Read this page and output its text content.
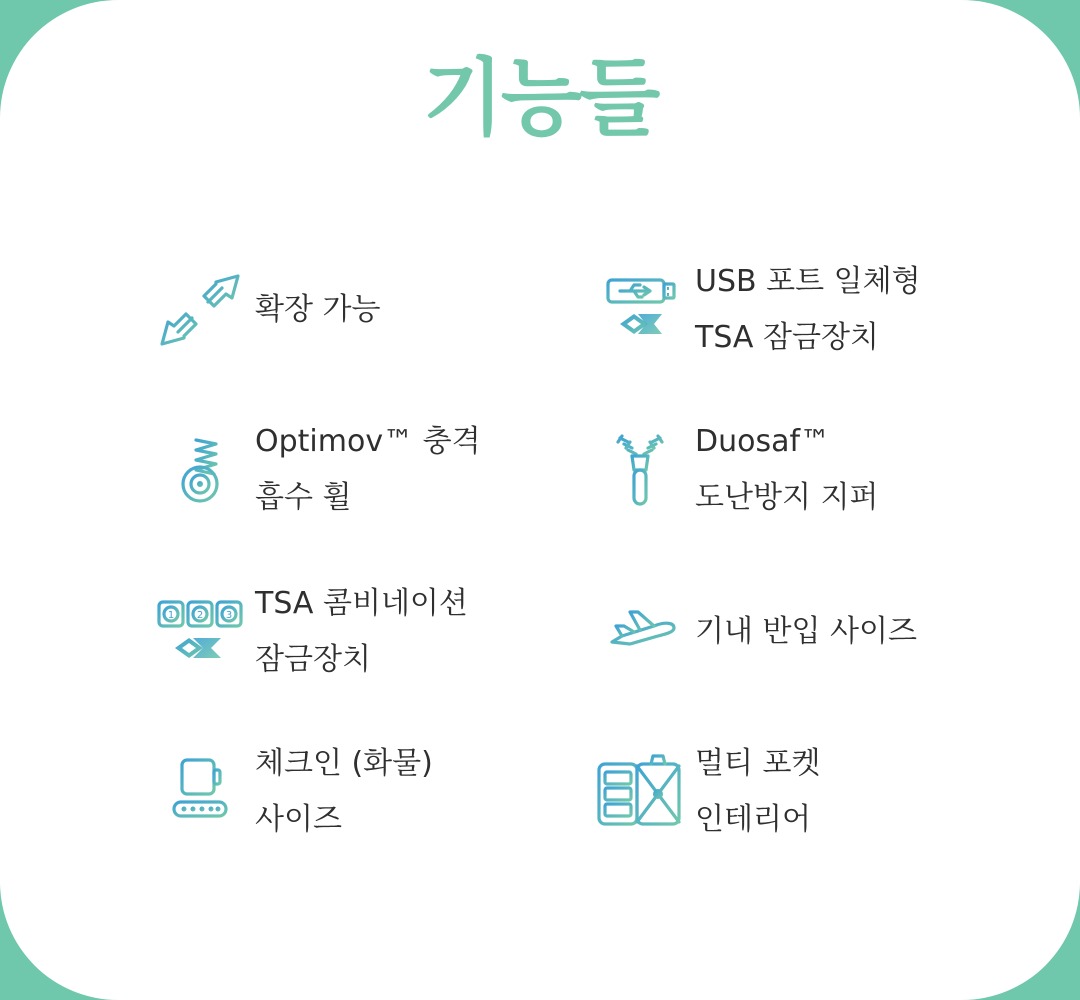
기능들
확장 가능
USB 포트 일체형
TSA 잠금장치
Optimov™ 충격
흡수 휠
Duosaf™
도난방지 지퍼
1 2 3 TSA 콤비네이션
잠금장치
기내 반입 사이즈
체크인 (화물)
사이즈
멀티 포켓
인테리어
